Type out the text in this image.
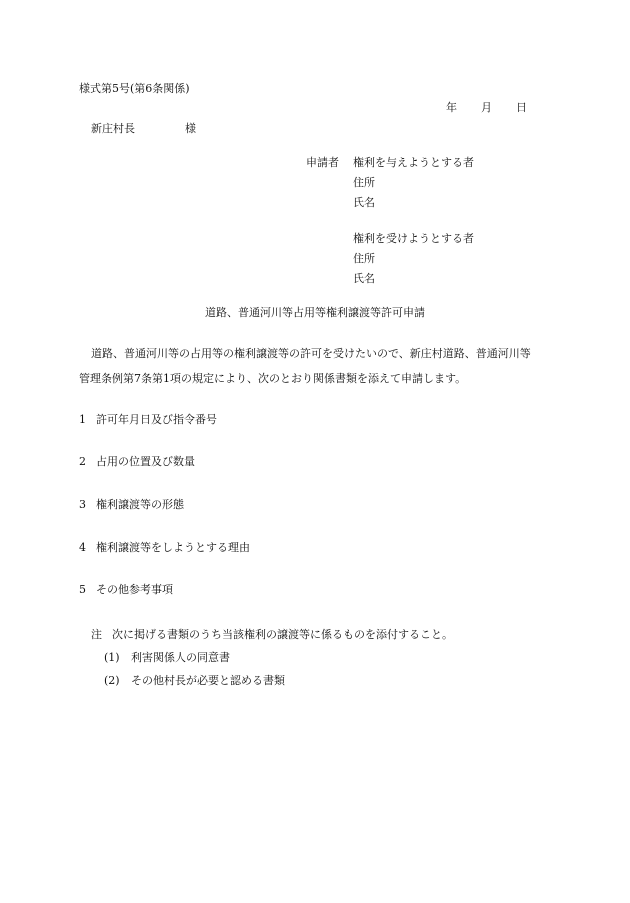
様式第5号(第6条関係)
年 月 日
新庄村長	様
申請者 権利を与えようとする者
住所
氏名
権利を受けようとする者
住所
氏名
道路、普通河川等占用等権利譲渡等許可申請
道路、普通河川等の占用等の権利譲渡等の許可を受けたいので、新庄村道路、普通河川等
管理条例第7条第1項の規定により、次のとおり関係書類を添えて申請します。
1 許可年月日及び指令番号
2 占用の位置及び数量
3 権利譲渡等の形態
4 権利譲渡等をしようとする理由
5 その他参考事項
注 次に掲げる書類のうち当該権利の譲渡等に係るものを添付すること。
(1) 利害関係人の同意書
(2) その他村長が必要と認める書類
